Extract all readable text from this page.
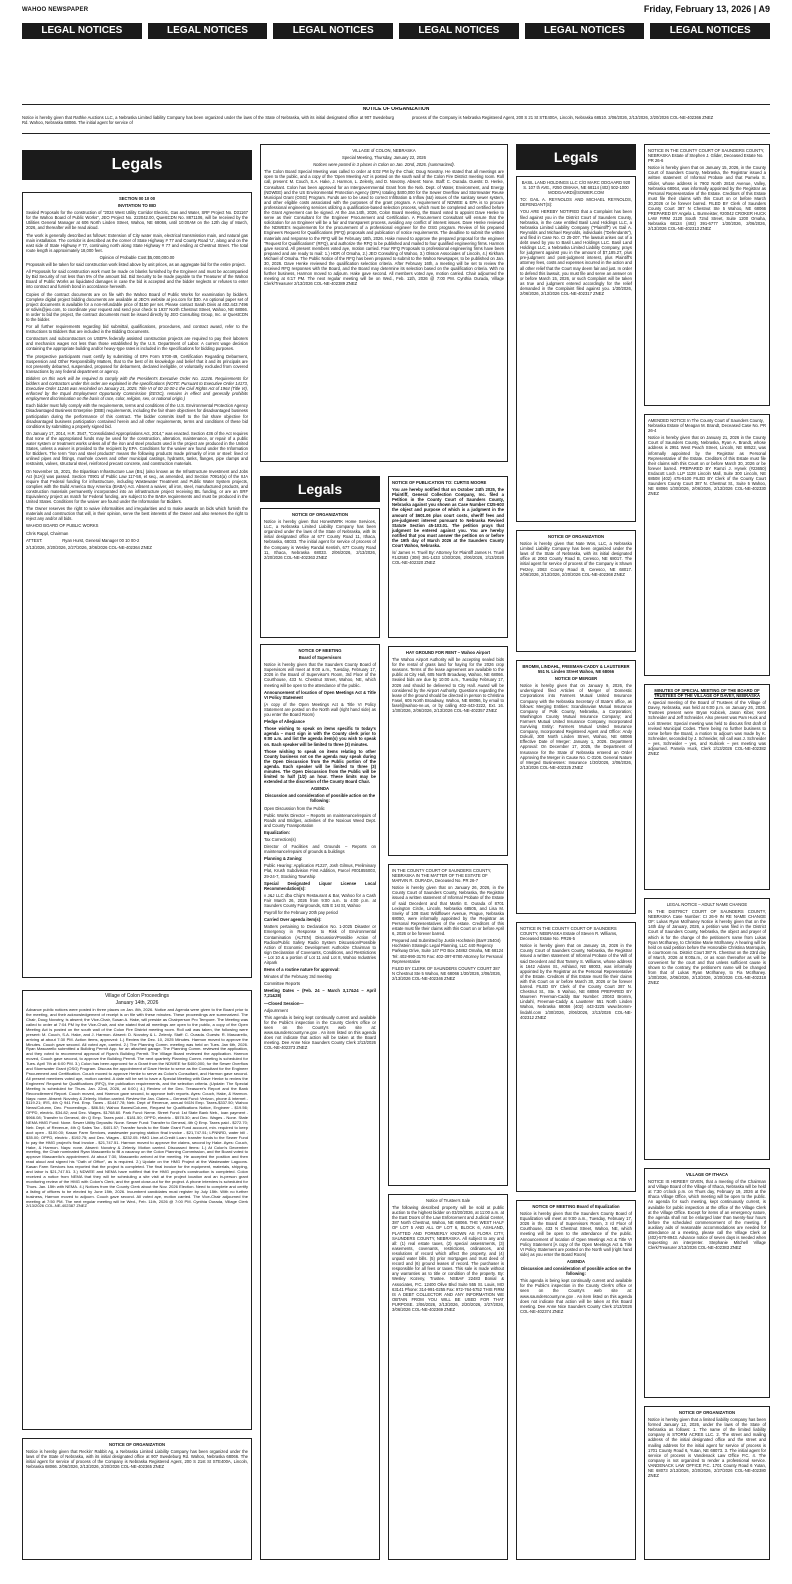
WAHOO NEWSPAPER	Friday, February 13, 2026 | A9
LEGAL NOTICES	LEGAL NOTICES	LEGAL NOTICES	LEGAL NOTICES	LEGAL NOTICES	LEGAL NOTICES
NOTICE OF ORGANIZATION
Notice is hereby given that Rathke Auctions LLC, a Nebraska Limited liability Company has been organized under the laws of the State of Nebraska, with its initial designated office at 907 Swedeburg Rd. Wahoo, Nebraska 68066. The initial agent for service of
process of the Company is Nebraska Registered Agent, 200 S 21 St STE400A, Lincoln, Nebraska 68510. 2/06/2026, 2/13/2026, 2/20/2026 COL-NE-402366 ZNEZ
Legals

SECTION 00 10 00

INVITATION TO BID

Sealed Proposals for the construction of "2024 West Utility Corridor Electric, Gas and Water, SRF Project No. D31167 for the Wahoo Board of Public Works", JEO Project No. 222042.00, QuestCDN No. 8871106, will be received by the Utilities General Manager at 606 North Linden Street, Wahoo, NE 68066, until 10:00AM on the 12th day of March, 2026, and thereafter will be read aloud.

The work is generally described as follows: Extension of City water main, electrical transmission main, and natural gas main installation. The corridor is described as the corner of State Highway # 77 and County Road 'U', along and on the east side of State Highway # 77, continuing north along State Highway # 77 and ending at Chestnut Street. The total route length is approximately 18,000 feet.

Opinion of Probable Cost $5,000,000.00

Proposals will be taken for said construction work listed above by unit prices, as an aggregate bid for the entire project.

All Proposals for said construction work must be made on blanks furnished by the Engineer and must be accompanied by Bid Security of not less than 5% of the amount bid. Bid Security to be made payable to the Treasurer of the Wahoo Board of Public Works as liquidated damages in case the bid is accepted and the bidder neglects or refuses to enter into contract and furnish bond in accordance herewith.

Copies of the contract documents are on file with the Wahoo Board of Public Works for examination by bidders. Complete digital project bidding documents are available at JEO's website at jeo.com for $30. An optional paper set of project documents is available for a non-refundable price of $150 per set. Please contact Sarah Divis at 402.443.7496 or sdivis@jeo.com, to coordinate your request and send your check to 1937 North Chestnut Street, Wahoo, NE 68066. In order to bid the project, the contract documents must be issued directly by JEO Consulting Group, Inc. or QuestCDN to the bidder.

For all further requirements regarding bid submittal, qualifications, procedures, and contract award, refer to the Instructions to Bidders that are included in the Bidding Documents.

Contractors and subcontractors on USEPA federally assisted construction projects are required to pay their laborers and mechanics wages not less than those established by the U.S. Department of Labor. A current wage decision containing the appropriate building and/or heavy-type rates is included in the specifications for bidding purposes.

The prospective participants must certify by submitting of EPA Form 5700-49, Certification Regarding Debarment, Suspension and Other Responsibility Matters, that to the best of its knowledge and belief that it and its principals are not presently debarred, suspended, proposed for debarment, declared ineligible, or voluntarily excluded from covered transactions by any federal department or agency.

Bidders on this work will be required to comply with the President's Executive Order No. 11246. Requirements for bidders and contractors under this order are explained in the specifications (NOTE: Pursuant to Executive Order 14173, Executive Order 11246 was rescinded on January 21, 2025. Title VI of 00 10 00-1 the Civil Rights Act of 1964 (Title VI), enforced by the Equal Employment Opportunity Commission (EEOC), remains in effect and generally prohibits employment discrimination on the basis of race, color, religion, sex, or national origin.)

Each bidder must fully comply with the requirements, terms and conditions of the U.S. Environmental Protection Agency Disadvantaged Business Enterprise (DBE) requirements, including the fair share objectives for disadvantaged business participation during the performance of this contract. The bidder commits itself to the fair share objective for disadvantaged business participation contained herein and all other requirements, terms and conditions of these bid conditions by submitting a properly signed bid.

On January 17, 2014, H.R. 3547, "Consolidated Appropriations Act, 2014," was enacted. Section 436 of the Act requires that none of the appropriated funds may be used for the construction, alteration, maintenance, or repair of a public water system or treatment works unless all of the iron and steel products used in the project are produced in the United States, unless a waiver is provided to the recipient by EPA. Conditions for the waiver are found under the Information for Bidders. The term "iron and steel products" means the following products made primarily of iron or steel: lined or unlined pipes and fittings, manhole covers and other municipal castings, hydrants, tanks, flanges, pipe clamps and restraints, valves, structural steel, reinforced precast concrete, and construction materials.

On November 15, 2021, the Bipartisan Infrastructure Law (BIL) (also known as the Infrastructure Investment and Jobs Act (IIJA)) was passed. Section 70901 of Public Law 117-58, et seq., as amended, and Section 70914(a) of the IIJA require that Federal funding for infrastructure, including Wastewater Treatment and Public Water System projects, complies with the Build America Buy America (BABA) Act. Absent a waiver, all iron, steel, manufactured products, and construction materials permanently incorporated into an infrastructure project receiving BIL funding, or are an SRF Equivalency project as match for Federal funding, are subject to the BABA requirements and must be produced in the United States. Conditions for the waiver are found under the Information for Bidders.

The Owner reserves the right to waive informalities and irregularities and to make awards on bids which furnish the materials and construction that will, in their opinion, serve the best interests of the Owner and also reserves the right to reject any and/or all bids.

WAHOO BOARD OF PUBLIC WORKS

Chris Rappl, Chairman

ATTEST:	Ryan Hurst, General Manager 00 10 00-2

2/13/2026, 2/20/2026, 2/27/2026, 3/06/2026 COL-NE-402364 ZNEZ

Village of Colon Proceedings

January 14th, 2026

Advance public notices were posted in three places on Jan. 8th, 2026. Notice and Agenda were given to the Board prior to the meeting, and their acknowledgement of receipt is on file with these minutes. These proceedings are summarized. The Chair, Doug Novotny, is absent; the Vice-Chair, Susan A. Hake, will preside as Chairperson Pro Tempore. The Meeting was called to order at 7:04 PM by the Vice-Chair, and she stated that all meetings are open to the public, a copy of the Open Meeting Act is posted on the south wall of the Colon Fire District meeting room. Roll call was taken, the following were present: M. Couch, S.A. Hake, and J. Harmon. Absent: D. Novotny & L. Zelenly. Staff: C. Ourada. Guests: R. Mascarello, arriving at about 7:30 PM. Action items, approved: 1.) Review the Dec. 10, 2025 Minutes. Harmon moved to approve the Minutes. Couch gave second. All voted aye, carried. 2.) The Planning Comm. meeting was held on Tues. Jan 6th, 2026. Ryan Mascarello submitted a Building Permit App. for an attached garage. The Planning Comm. reviewed the application, and they voted to recommend approval of Ryan's Building Permit. The Village Board reviewed the application. Harmon moved, Couch gave second, to approve the Building Permit. The next quarterly Planning Comm. meeting is scheduled for Tues. April 7th at 6:00 PM. 3.) Colon has been approved for a Grant from the NDWEE for $400,000, for the Sewer Overflow and Stormwater Grant (OSG) Program. Discuss the appointment of Dave Henke to serve as the Consultant for the Engineer Procurement and Certification. Couch moved to approve Henke to serve as Colon's Consultant, and Harmon gave second. All present members voted aye, motion carried. A date will be set to have a Special Meeting with Dave Henke to review the Engineers' Request for Qualifications (RFQ), the publication requirements, and the selection criteria. (Update: The Special Meeting is scheduled for Thurs. Jan. 22nd, 2026, at 6:00.) 4.) Review of the Dec. Treasurer's Report and the Bank Reconcilement Report. Couch moved, and Harmon gave second, to approve both reports. Ayes: Couch, Hake, & Harmon. Nays: none. Absent: Novotny & Zelenly. Motion carried. Review the Jan. Claims – General Fund: Verizon, phone & internet - $119.21; IRS, 4th Q 941 Fed. Emp. Taxes - $1447.78; Neb. Dept of Revenue, annual 941N Emp. Taxes-$337.50; Wahoo News/Column, Dec. Proceedings - $86.54; Wahoo Baxes/Column, Request for Qualifications Notice, Engineer - $19.56; OPPD, electric- $34.82; and Dec. Wages- $1768.60. Park Fund: Neme. Street Fund: 1st State Bank Neb., loan payment - $966.08; Transfer to General, 4th Q Emp. Taxes paid - $181.50; OPPD, electric - $578.30; and Dec. Wages - None. State NEMA HMG Fund: None. Sewer Utility Deposits: None. Sewer Fund: Transfer to General, 4th Q Emp. Taxes paid - $272.70; Neb. Dept. of Revenue, 4th Q Sales Tax - $401.57; Transfer funds to the State Grant Fund account, min. required to keep acct open - $100.00; Kasan Farm Services, wastewater pumping station final invoice - $21,747.51; LPNNRD, water bill - $35.00; OPPD, electric - $192.75; and Dec. Wages - $232.05. HMG Line-of-Credit Loan: transfer funds to the Sewer Fund to pay the HMG project's final invoice - $21,747.51. Harmon moved to approve the claims, second by Hake. Ayes: Couch, Hake, & Harmon. Nays: none. Absent: Novotny & Zelenly. Motion carried. Discussed Items: 1.) At Colon's December meeting, the Chair nominated Ryan Mascarello to fill a vacancy on the Colon Planning Commission, and the Board voted to approve Mascarello's appointment. At about 7:30, Mascarello arrived at the meeting. He accepted the position and then read aloud and signed his "Oath of Office", as is required. 2.) Update on the HMG Project at the Wastewater Lagoons. Kasan Farm Services has reported that the project is completed. The final invoice for the equipment, materials, shipping, and labor is $21,747.51. 3.) NDWEE and NEMA have notified that the HMG project's construction is completed. Colon received a notice from NEMA that they will be scheduling a site visit at the project location and an in-person grant monitoring review of the HMG with Colon's Clerk, and the grant close-out for the project. A phone interview is scheduled for Thurs. Jan. 15th with NEMA. 4.) Notices from the County Clerk about the Nov. 2026 Election. Need to complete and certify a listing of officers to be elected by June 15th, 2026. Incumbent candidates must register by July 15th. With no further business, Harmon moved to adjourn. Couch gave second. All voted aye, motion carried. The Vice-Chair adjourned the meeting at 7:50 PM. The next regular meeting will be Wed., Feb. 11th, 2026 @ 7:00 PM. Cynthia Ourada, Village Clerk 2/13/2026 COL-NE-402387 ZNEZ

NOTICE OF ORGANIZATION

Notice is hereby given that Reckin' Rabbit Ag, a Nebraska Limited Liability Company has been organized under the laws of the State of Nebraska, with its initial designated office at 907 Swedeburg Rd. Wahoo, Nebraska 68066. The initial agent for service of process of the Company is Nebraska Registered Agent, 200 S 21st St STE400A, Lincoln, Nebraska 68066. 2/06/2026, 2/13/2026, 2/20/2026 COL-NE-402365 ZNEZ

VILLAGE of COLON, NEBRASKA

Special Meeting, Thursday, January 22, 2026

Notices were posted in 3 places in Colon on Jan. 20nd, 2026. (summarized).

The Colon Board Special Meeting was called to order at 6:02 PM by the Chair, Doug Novotny. He stated that all meetings are open to the public, and a copy of the 'Open Meeting Act' is posted on the south wall of the Colon Fire District meeting room. Roll call, present: M. Couch, S.A. Hake, J. Harmon, L. Zelenly, and D. Novotny. Absent: None. Staff: C. Ourada. Guests: D. Henke, Consultant. Colon has been approved for an Intergovernmental Grant from the Neb. Dept. of Water, Environment, and Energy (NDWEE) and the US Environmental Protection Agency (EPA) totaling $400,000 for the Sewer Overflow and Stormwater Reuse Municipal Grant (OSG) Program. Funds are to be used to correct Infiltration & Inflow (I&I) issues of the sanitary sewer system, and other eligible costs associated with the purposes of the grant program. A requirement of NDWEE & EPA is to procure professional engineering services utilizing a qualification-based selection process, which must be completed and certified before the Grant Agreement can be signed. At the Jan.14th, 2026, Colon Board meeting, the Board voted to appoint Dave Henke to serve as their Consultant for the Engineer Procurement and Certification. A Procurement Consultant will ensure that the solicitation for an Engineer will be a fair and transparent process, avoiding any conflict of interest issues. Dave Henke reviewed the NDWEE's requirements for the procurement of a professional engineer for the OSG program. Review of his prepared Engineers Request for Qualifications (RFQ) proposals and publication of notice requirements. The deadline to submit the written materials and response to the RFQ will be February 16th, 2026. Hake moved to approve the prepared proposal for the engineer "Request for Qualifications" (RFQ), and authorize the RFQ to be published and mailed to four qualified engineering firms. Harmon gave second. All present members voted aye, motion carried. Four RFQ Proposals to professional engineering firms have been prepared and are ready to mail: 1.) HDR of Omaha, 2.) JEO Consulting of Wahoo, 3.) Olsson Associates of Lincoln, 4.) Kirkham Michael of Omaha. The Public Notice of the RFQ has been prepared to submit to the Wahoo Newspaper, to be published on Jan. 30, 2026. Dave Henke reviewed the qualification selection criteria. After February 16th, a meeting will be set to review the received RFQ responses with the Board, and the Board may determine its selection based on the qualification criteria. With no further business, Harmon moved to adjourn. Hake gave second. All members voted aye, motion carried. Chair adjourned the meeting at 6:17 PM. The next regular meeting will be on Wed., Feb. 11th, 2026 @ 7:00 PM. Cynthia Ourada, Village Clerk/Treasurer 2/13/2026 COL-NE-402389 ZNEZ

Legals

NOTICE OF ORGANIZATION

Notice is hereby given that HonestWRK Home Services, LLC, a Nebraska Limited Liability Company has been organized under the laws of the State of Nebraska, with its initial designated office at 677 County Road 11, Ithaca, Nebraska, 68033. The initial agent for service of process of the Company is Wesley Randal Kentish, 677 County Road 11, Ithaca, Nebraska 68033. 2/06/2026, 2/13/2026, 2/20/2026 COL-NE-402363 ZNEZ

NOTICE OF MEETING

Board of Supervisors

Notice is hereby given that the Saunders County Board of Supervisors will meet at 9:00 a.m., Tuesday, February 17, 2026 in the Board of Supervisor's Room, 3rd Floor of the Courthouse, 433 N. Chestnut Street, Wahoo, NE, which meeting will be open to the attendance of the public.

Announcement of location of Open Meetings Act & Title VI Policy Statement

(A copy of the Open Meetings Act & Title VI Policy Statement are posted on the North wall (right hand side) as you enter the Board Room)

Pledge of Allegiance

Those wishing to speak on items specific to today's agenda – must sign in with the County clerk prior to 9:00 a.m. and list the agenda item(s) you wish to speak on. Each speaker will be limited to three (3) minutes.

Those wishing to speak on items relating to other County business not on the agenda may speak during the Open Discussion from the Public portion of the agenda. Each speaker will be limited to three (3) minutes. The Open Discussion from the Public will be limited to half (1/2) an hour. These limits may be extended at the discretion of the County Board Chair.

AGENDA

Discussion and consideration of possible action on the following:

Open Discussion from the Public

Public Works Director – Reports on maintenance/repairs of Roads and Bridges, activities of the Noxious Weed Dept. and County Transportation

Equalization:

Tax Correction(s)

Director of Facilities and Grounds – Reports on maintenance/repairs of grounds & buildings

Planning & Zoning:

Public Hearing: Application #1227, Josh Gilmus, Preliminary Plat, Krush Subdivision First Addition, Parcel #001855003, 29-24-7, Stocking Township

Special Designated Liquor License Local Recommendation(s):

v J&J LLC dba Chip's Restaurant & Bar, Wahoo for a Cash Fair March 26, 2026 from 9:00 a.m. to 4:00 p.m. at Saunders County Fairgrounds, 635 E 1st St, Wahoo

Payroll for the February 20th pay period

Carried Over agenda item(s):

Matters pertaining to Declaration No. 1-2025 Disaster or Emergency in Response to Risk of Environmental Contamination (ALTEN) Discussion/Possible Action of Radioo/Public Safety Radio System Discussion/Possible Action of Economic Development Authorize Chairman to sign Declaration of Covenants, Conditions, and Restrictions – Lot 10 & a portion of Lot 11 and Lot 8, Wahoo Industries Airpark

Items of a routine nature for approval:

Minutes of the February 3rd meeting

Committee Reports

Meeting Dates – (Feb. 24 – March 3,17&24 – April 7,21&28)

—Closed Session—

Adjournment

This agenda is being kept continually current and available for the Public's inspection in the County Clerk's office or seen on the County's web site at: www.saunderscounty.ne.gov . An item listed on this agenda does not indicate that action will be taken at the Board meeting. Dee Anne Nice Saunders County Clerk 2/13/2026 COL-NE-402373 ZNEZ

NOTICE OF PUBLICATION TO: CURTIS MOORE

You are hereby notified that on October 24th 2025, the Plaintiff, General Collection Company, Inc. filed a Petition in the County Court of Saunders County, Nebraska against you shown as Case Number CI25-603 the object and purpose of which is a judgment in the amount of $601.06 plus court costs, sheriff fees and pre-judgment interest pursuant to Nebraska Revised Statute Section 45-103.01. The petition prays that judgment be entered against you. You are hereby notified that you must answer the petition on or before the 19th day of March 2026 at the Saunders County Court Wahoo, Nebraska.

/s/ James H. Truell By: Attorney for Plaintiff James H. Truell #142583 (308) 381-1433 1/30/2026, 2/06/2026, 2/13/2026 COL-NE-402320 ZNEZ

HAY GROUND FOR RENT – Wahoo Airport

The Wahoo Airport Authority will be accepting sealed bids for the rental of grass land for haying for the 2026 crop seasons. Terms of the lease agreement are available to the public at City Hall, 605 North Broadway, Wahoo, NE 68066. Sealed bids are due by 10:00 a.m., Tuesday February 17, 2026 and should be delivered to City Hall. Award will be considered by the Airport Authority. Questions regarding the lease of the ground should be directed in person to Christina Fasel, 605 North Broadway, Wahoo, NE 68066, by email to fasel@wahoo-ne.us, or by calling 402-443-3222, Ext. 16. 1/30/2026, 2/06/2026, 2/13/2026 COL-NE-402357 ZNEZ

IN THE COUNTY COURT OF SAUNDERS COUNTY, NEBRASKA IN THE MATTER OF THE ESTATE OF MARVIN R. OURADA, Deceased No. PR 26-7

Notice is hereby given that on January 26, 2026, in the County Court of Saunders County, Nebraska, the Registrar issued a written statement of Informal Probate of the Estate of said Decedent and that Martin E. Ourada of 8701 Lexington Circle, Lincoln, Nebraska 68505, and Lisa M. Sneky of 108 East Wildflower Avenue, Prague, Nebraska 68050, were informally appointed by the Registrar as Personal Representatives of the estate. Creditors of this estate must file their claims with this Court on or before April 6, 2026 or be forever barred.

Prepared and Submitted by Justin Hochstein (Bar# 25404) Hochstein Strategic Legal Planning, LLC 440 Regency Parkway Drive, Suite 147 PO Box 24862 Omaha, NE 68124 Tel: 402-990-3176 Fax: 402-397-8780 Attorney for Personal Representative

FILED BY CLERK OF SAUNDERS COUNTY COURT 387 N Chestnut Ste 5 Wahoo, NE 68066 1/30/2026, 2/06/2026, 2/13/2026 COL-NE-402346 ZNEZ

Notice of Trustee's Sale

The following described property will be sold at public auction to the highest bidder on 03/20/2026, at 11:00 a.m. at the East Doors of the Law Enforcement and Judicial Center, 387 North Chestnut, Wahoo, NE 68066. THE WEST HALF OF LOT 5 AND ALL OF LOT 6, BLOCK 6, ASHLAND, PLATTED AND FORMERLY KNOWN AS FLORA CITY, SAUNDERS COUNTY, NEBRASKA. All subject to any and all: (1) real estate taxes, (2) special assessments, (3) easements, covenants, restrictions, ordinances, and resolutions of record which affect the property, and (4) unpaid water bills. (5) prior mortgages and trust deed of record and (6) ground leases of record. The purchaser is responsible for all fees or taxes. This sale is made without any warranties as to title or condition of the property. By: Wesley Kozeny, Trustee. NSBA# 22483 Bonial & Associates, P.C. 12400 Olive Blvd Suite 555 St. Louis, MO 63141 Phone: 314-991-0255 Fax: 972-764-5752 THIS FIRM IS A DEBT COLLECTOR AND ANY INFORMATION WE OBTAIN FROM YOU WILL BE USED FOR THAT PURPOSE. 2/06/2026, 2/13/2026, 2/20/2026, 2/27/2026, 3/06/2026 COL-NE-402369 ZNEZ

Legals

BASIL LAND HOLDINGS LLC C/O MARC ODGAARD 920 S. 107 th AVE., #250 OMAHA, NE 68114 (402) 502-1000 MODGAARD@SOWER.COM

TO: GAIL A. REYNOLDS AND MICHAEL REYNOLDS, DEFENDANT(S):

YOU ARE HEREBY NOTIFIED that a Complaint has been filed against you in the District Court of Saunders County, Nebraska, in the case entitled Basil Land Holdings LLC, a Nebraska Limited Liability Company ("Plaintiff") vs Gail A. Reynolds and Michael Reynolds, individuals ("Defendants"), and filed in Case No. CI 25-207. The lawsuit arises out of a debt owed by you to Basil Land Holdings LLC. Basil Land Holdings LLC, a Nebraska Limited Liability Company, prays for judgment against you in the amount of $7,185.27, plus pre-judgment and post-judgment interest, plus Plaintiff's attorney fees, costs and expenses incurred in the action and all other relief that the Court may deem fair and just. In order to defend this lawsuit, you must file and serve an answer on or before March 15, 2026, or such Complaint will be taken as true and judgment entered accordingly for the relief demanded in the Complaint filed against you. 1/30/2026, 2/06/2026, 2/13/2026 COL-NE-402317 ZNEZ

NOTICE OF ORGANIZATION

Notice is hereby given that Nate Wos, LLC, a Nebraska Limited Liability Company has been organized under the laws of the State of Nebraska, with its initial designated office at 2063 County Road B, Ceresco, NE 68017. The initial agent for service of process of the Company is Shawn Petzey, 2063 County Road B, Ceresco, NE 68017. 2/06/2026, 2/13/2026, 2/20/2026 COL-NE-402368 ZNEZ

BROMM, LINDAHL, FREEMAN-CADDY & LAUSTERER 551 N. Linden Street Wahoo, NE 68066

NOTICE OF MERGER

Notice is hereby given that on January 9, 2026, the undersigned filed Articles of Merger of Domestic Corporations into Farmers Mutual United Insurance Company with the Nebraska Secretary of State's office, as follows: Merging Entities: Scandinavian Mutual Insurance Company of Polk County, Nebraska, a Corporation; Washington County Mutual Insurance Company; and Farmers Mutual United Insurance Company, Incorporated Surviving Entity: Farmers Mutual United Insurance Company, Incorporated Registered Agent and Office: Andy Dokulil, 300 North Linden Street, Wahoo, NE 68066 Effective Date of Merger: January 1, 2026. Department Approval: On December 17, 2025, the Department of Insurance for the State of Nebraska entered an Order Approving the Merger in Cause No. C-3106. General Nature of Merged Businesses: Insurance 1/30/2026, 2/06/2026, 2/13/2026 COL-NE-402325 ZNEZ

NOTICE IN THE COUNTY COURT OF SAUNDERS COUNTY, NEBRASKA Estate of Steven R. Williams, Deceased Estate No. PR26-5

Notice is hereby given that on January 15, 2026 in the County Court of Saunders County, Nebraska, the Registrar issued a written statement of Informal Probate of the Will of said Decedent and that Tammy S. Williams, whose address is 1642 Adams St., Ashland, NE 68003, was informally appointed by the Registrar as the Personal Representative of the Estate. Creditors of this Estate must file their claims with this Court on or before March 30, 2026 or be forever barred. FILED BY Clerk of the County Court 387 N. Chestnut St., Ste. 5 Wahoo, NE 68066 PREPARED BY Maureen Freeman-Caddy Bar Number: 20043 Bromm, Lindahl, Freeman-Caddy & Lausterer 551 North Linden Wahoo, Nebraska 68066 (402) 443-3225 www.bromm-lindahl.com 1/30/2026, 2/06/2026, 2/13/2026 COL-NE-402312 ZNEZ

NOTICE OF MEETING Board of Equalization

Notice is hereby given that the Saunders County Board of Equalization will meet at 9:00 a.m., Tuesday, February 17, 2026 in the Board of Supervisors Room, 3 rd Floor of Courthouse, 433 N Chestnut Street, Wahoo, NE, which meeting will be open to the attendance of the public. Announcement of location of Open Meetings Act & Title VI Policy Statement [A copy of the Open Meetings Act & Title VI Policy Statement are posted on the North wall (right hand side) as you enter the Board Room]

AGENDA

Discussion and consideration of possible action on the following:

This agenda is being kept continually current and available for the Public's inspection in the County Clerk's office or seen on the County's web site at: www.saunderscounty.ne.gov . An item listed on this agenda does not indicate that action will be taken at this Board meeting. Dee Anne Nice Saunders County Clerk 2/13/2026 COL-NE-402374 ZNEZ

NOTICE IN THE COUNTY COURT OF SAUNDERS COUNTY, NEBRASKA Estate of Stephen J. Glider, Deceased Estate No. PR 26-6

Notice is hereby given that on January 15, 2026, in the County Court of Saunders County, Nebraska, the Registrar issued a written statement of Informal Probate and that Pamela S. Glider, whose address is 7902 North 281st Avenue, Valley, Nebraska 68064, was informally appointed by the Registrar as Personal Representative of the Estate. Creditors of this Estate must file their claims with this Court on or before March 30,2026 or be forever barred. FILED BY Clerk of Saunders County Court 387 N Chestnut Ste 5 Wahoo, NE 68066 PREPARED BY Angela L. Burmeister, #20042 CROKER HUCK LAW FIRM 2120 South 72nd Street, Suite 1200 Omaha, Nebraska 68124 (402) 391-6777 1/30/2026, 2/06/2026, 2/13/2026 COL-NE-402313 ZNEZ

AMENDED NOTICE In The County Court of Saunders County, Nebraska Estate of Meagan M. Brandt, Deceased Case No. PR 26-4

Notice is hereby given that on January 21, 2026 in the County Court of Saunders County, Nebraska, Ryan A. Brandt, whose address is 2951 West Peach Street, Lincoln, NE 68522, was informally appointed by the Registrar as Personal Representative of the Estate. Creditors of this Estate must file their claims with this Court on or before March 30, 2026 or be forever barred. PREPARED BY Ramzi J. Hynek (#23650) Endacott Loch LLP 1128 Lincoln Mall, Suite 300 Lincoln, NE 68508 (402) 475-5100 FILED BY Clerk of the County Court Saunders County Court 387 N. Chestnut St., Suite 5 Wahoo, NE 68066 1/30/2026, 2/06/2026, 2/13/2026 COL-NE-402330 ZNEZ

MINUTES OF SPECIAL MEETING OF THE BOARD OF TRUSTEES OF THE VILLAGE OF DAVEY, NEBRASKA

A special meeting of the Board of Trustees of the Village of Davey, Nebraska, was held at 6:00 p.m. on January 26, 2026. Trustees present were Bryan Kubicek, Jason Kiber, Kent Schneider and Jeff Schneider. Also present was Pam Huck and Lori Streeter. Special meeting was held to discuss first draft of revised Municipal Codes. There being no further business to come before the Board, a motion to adjourn was made by K. Schneider, seconded by J. Schneider, roll call was J. Schneider – yes, Schneider – yes, and Kubicek – yes meeting was adjourned. Pamela Huck, Clerk 2/13/2026 COL-NE-402382 ZNEZ

LEGAL NOTICE – ADULT NAME CHANGE

IN THE DISTRICT COURT OF SAUNDERS COUNTY, NEBRASKA Case Number: CI 26-9 IN RE NAME CHANGE OF: Lukas Ryan McIlhaney Notice is hereby given that on the 14th day of January, 2026, a petition was filed in the District Court of Saunders County, Nebraska, the object and prayer of which is for the change of the petitioner's name from Lukas Ryan McIlhaney, to Christine Marie McIlhaney. A hearing will be held on said petition before the Honorable Christina Marroquin, in courtroom no. District Court 387 N. Chestnut on the 23rd day of March, 2026 at 9:00a.m., or as soon thereafter as will be convenient for the court and that unless sufficient cause is shown to the contrary, the petitioner's name will be changed from that of Lukas Ryan McIlhaney, to Fia McIlhaney. 1/30/2026, 2/06/2026, 2/13/2026, 2/20/2026 COL-NE-402318 ZNEZ

VILLAGE OF ITHACA

NOTICE IS HEREBY GIVEN, that a meeting of the Chairman and Village Board of the Village of Ithaca, Nebraska will be held at 7:30 o'clock p.m. on Thurs day, February 19, 2026 at the Ithaca Village Office, which meeting will be open to the public. An agenda for such meeting, kept continuously current, is available for public inspection at the office of the Village Clerk at the Village Office. Except for items of an emergency nature, the agenda shall not be enlarged later than twenty-four hours before the scheduled commencement of the meeting. If auxiliary aids of reasonable accommodations are needed for attendance at a meeting, please call the Village Clerk at (402)-570-8943. Advance notice of seven days is needed when requesting an interpreter. Stephanie Mitchell Village Clerk/Treasurer 2/13/2026 COL-NE-402383 ZNEZ

NOTICE OF ORGANIZATION

Notice is hereby given that a limited liability company has been formed January 12, 2026, under the laws of the State of Nebraska as follows: 1. The name of the limited liability company is STORM ACRES LLC. 2. The street and mailing address of the initial designated office and the street and mailing address for the initial agent for service of process is 1701 County Road 6, Yutan, NE 68073. 3. The initial agent for service of process is Vandenack Law Office P.C. 4. The company is not organized to render a professional service. VANDENACK LAW OFFICE P.C. 1701 County Road 6 Yutan, NE 68073 2/13/2026, 2/20/2026, 2/27/2026 COL-NE-402380 ZNEZ
